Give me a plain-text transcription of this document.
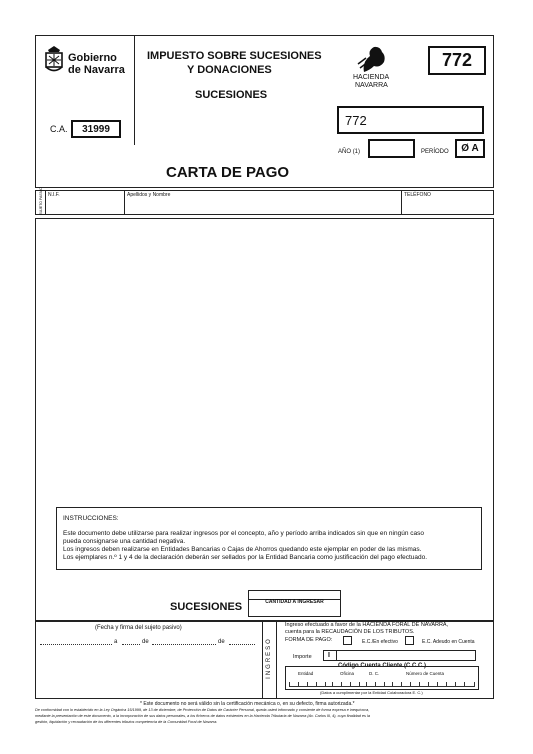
Gobierno
de Navarra
IMPUESTO SOBRE SUCESIONES
Y DONACIONES
SUCESIONES
HACIENDA
NAVARRA
772
C.A. 31999
772
AÑO (1)	PERÍODO Ø A
CARTA DE PAGO
SUJETO PASIVO N.I.F.	Apellidos y Nombre	TELÉFONO
INSTRUCCIONES:
Este documento debe utilizarse para realizar ingresos por el concepto, año y período arriba indicados sin que en ningún caso
pueda consignarse una cantidad negativa.
Los ingresos deben realizarse en Entidades Bancarias o Cajas de Ahorros quedando este ejemplar en poder de las mismas.
Los ejemplares n.º 1 y 4 de la declaración deberán ser sellados por la Entidad Bancaria como justificación del pago efectuado.
SUCESIONES	CANTIDAD A INGRESAR
(Fecha y firma del sujeto pasivo)
a	de	de	INGRESO
Ingreso efectuado a favor de la HACIENDA FORAL DE NAVARRA,
cuenta para la RECAUDACIÓN DE LOS TRIBUTOS.
FORMA DE PAGO:	E.C./En efectivo	E.C. Adeudo en Cuenta
Importe I
Código Cuenta Cliente (C.C.C.)
Entidad	Oficina	D. C.	Número de Cuenta
(Datos a cumplimentar por la Entidad Colaboradora E. C.)
* Este documento no será válido sin la certificación mecánica o, en su defecto, firma autorizada.*
De conformidad con lo establecido en la Ley Orgánica 15/1999, de 13 de diciembre, de Protección de Datos de Carácter Personal, queda usted informado y consiente de forma expresa e inequívoca,
mediante la presentación de este documento, a la incorporación de sus datos personales, a los ficheros de datos existentes en la Hacienda Tributaria de Navarra (Av. Carlos III, 4), cuya finalidad es la
gestión, liquidación y recaudación de los diferentes tributos competencia de la Comunidad Foral de Navarra.
